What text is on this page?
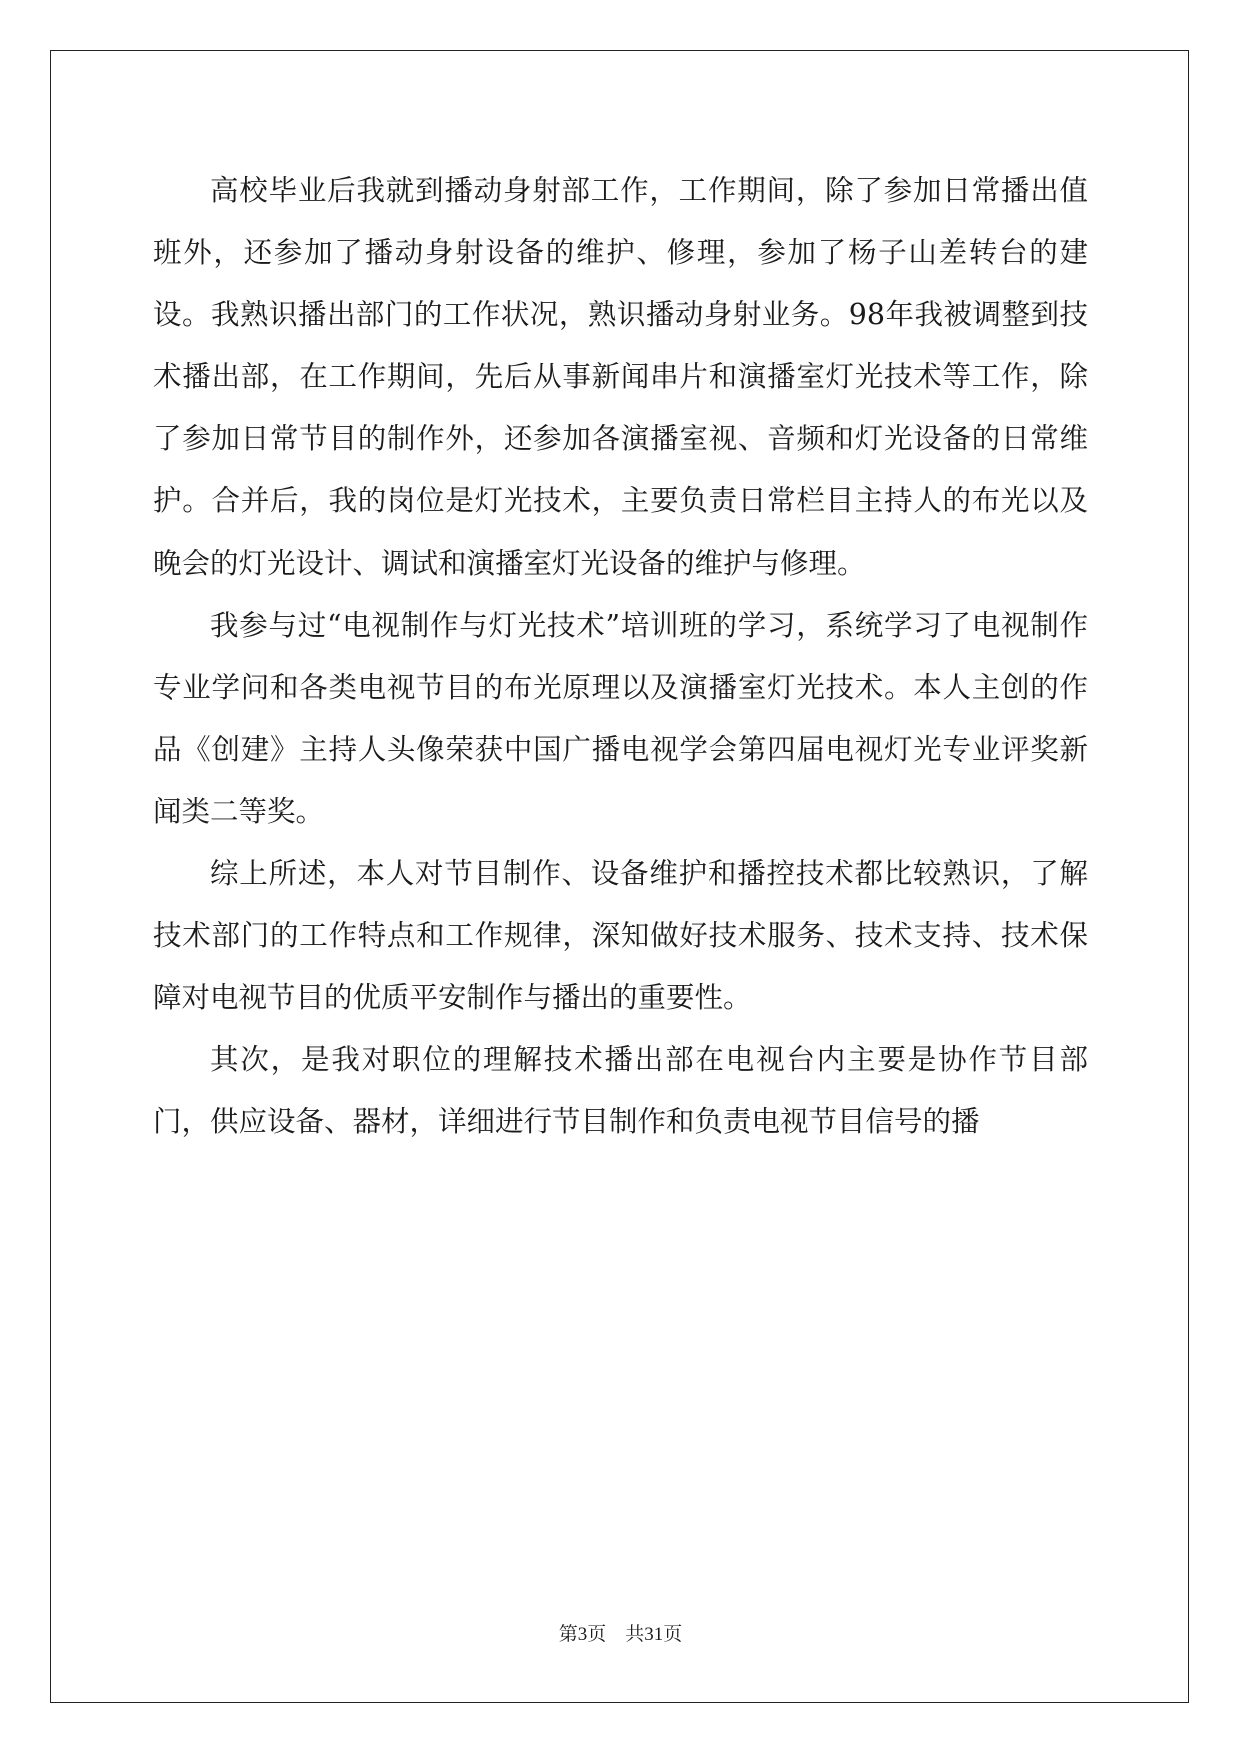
高校毕业后我就到播动身射部工作，工作期间，除了参加日常播出值班外，还参加了播动身射设备的维护、修理，参加了杨子山差转台的建设。我熟识播出部门的工作状况，熟识播动身射业务。98年我被调整到技术播出部，在工作期间，先后从事新闻串片和演播室灯光技术等工作，除了参加日常节目的制作外，还参加各演播室视、音频和灯光设备的日常维护。合并后，我的岗位是灯光技术，主要负责日常栏目主持人的布光以及晚会的灯光设计、调试和演播室灯光设备的维护与修理。

我参与过“电视制作与灯光技术”培训班的学习，系统学习了电视制作专业学问和各类电视节目的布光原理以及演播室灯光技术。本人主创的作品《创建》主持人头像荣获中国广播电视学会第四届电视灯光专业评奖新闻类二等奖。

综上所述，本人对节目制作、设备维护和播控技术都比较熟识，了解技术部门的工作特点和工作规律，深知做好技术服务、技术支持、技术保障对电视节目的优质平安制作与播出的重要性。

其次，是我对职位的理解技术播出部在电视台内主要是协作节目部门，供应设备、器材，详细进行节目制作和负责电视节目信号的播

第3页    共31页
